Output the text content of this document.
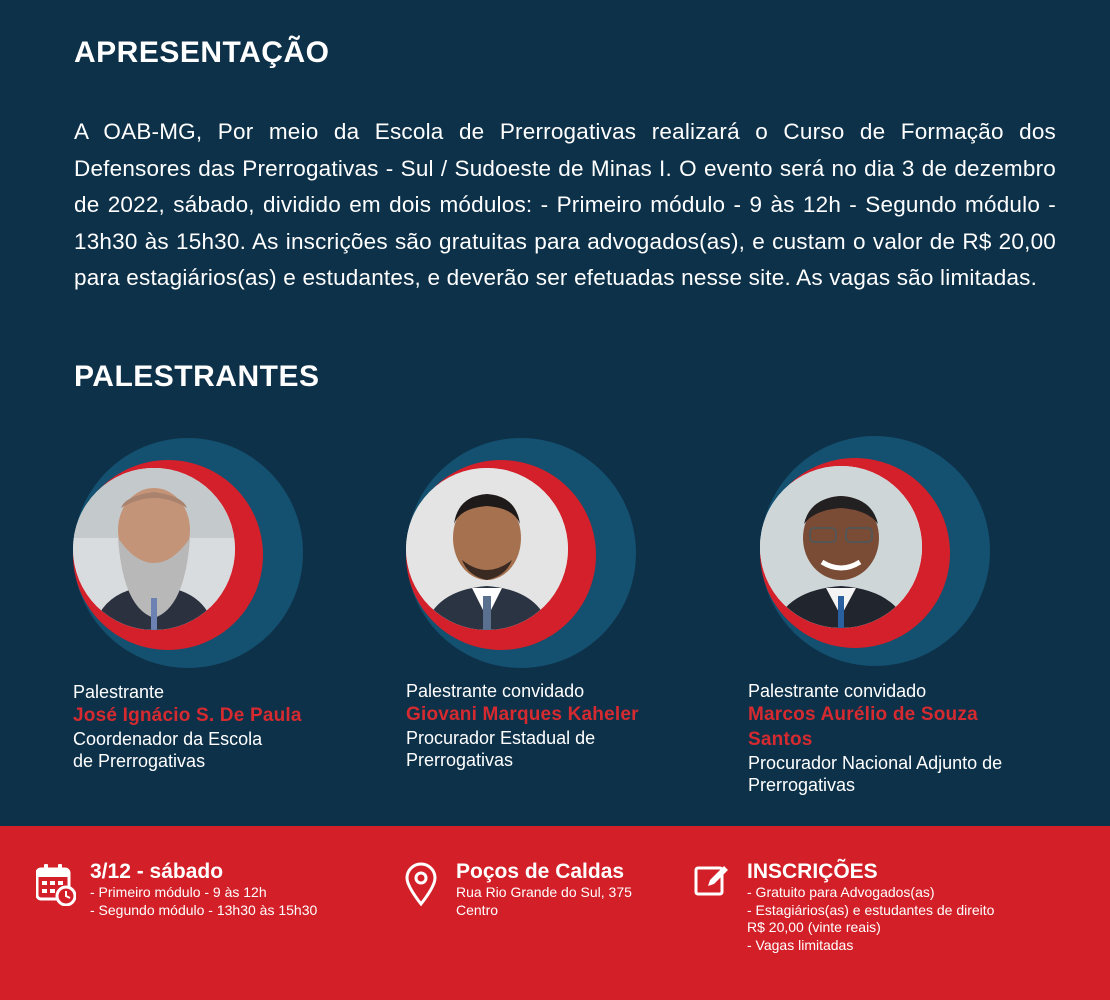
APRESENTAÇÃO

A OAB-MG, Por meio da Escola de Prerrogativas realizará o Curso de Formação dos Defensores das Prerrogativas - Sul / Sudoeste de Minas I. O evento será no dia 3 de dezembro de 2022, sábado, dividido em dois módulos: - Primeiro módulo - 9 às 12h - Segundo módulo - 13h30 às 15h30. As inscrições são gratuitas para advogados(as), e custam o valor de R$ 20,00 para estagiários(as) e estudantes, e deverão ser efetuadas nesse site. As vagas são limitadas.

PALESTRANTES
Palestrante
José Ignácio S. De Paula
Coordenador da Escola
de Prerrogativas
Palestrante convidado
Giovani Marques Kaheler
Procurador Estadual de
Prerrogativas
Palestrante convidado
Marcos Aurélio de Souza
Santos
Procurador Nacional Adjunto de
Prerrogativas
3/12 - sábado
- Primeiro módulo - 9 às 12h
- Segundo módulo - 13h30 às 15h30
Poços de Caldas
Rua Rio Grande do Sul, 375
Centro
INSCRIÇÕES
- Gratuito para Advogados(as)
- Estagiários(as) e estudantes de direito
R$ 20,00 (vinte reais)
- Vagas limitadas
